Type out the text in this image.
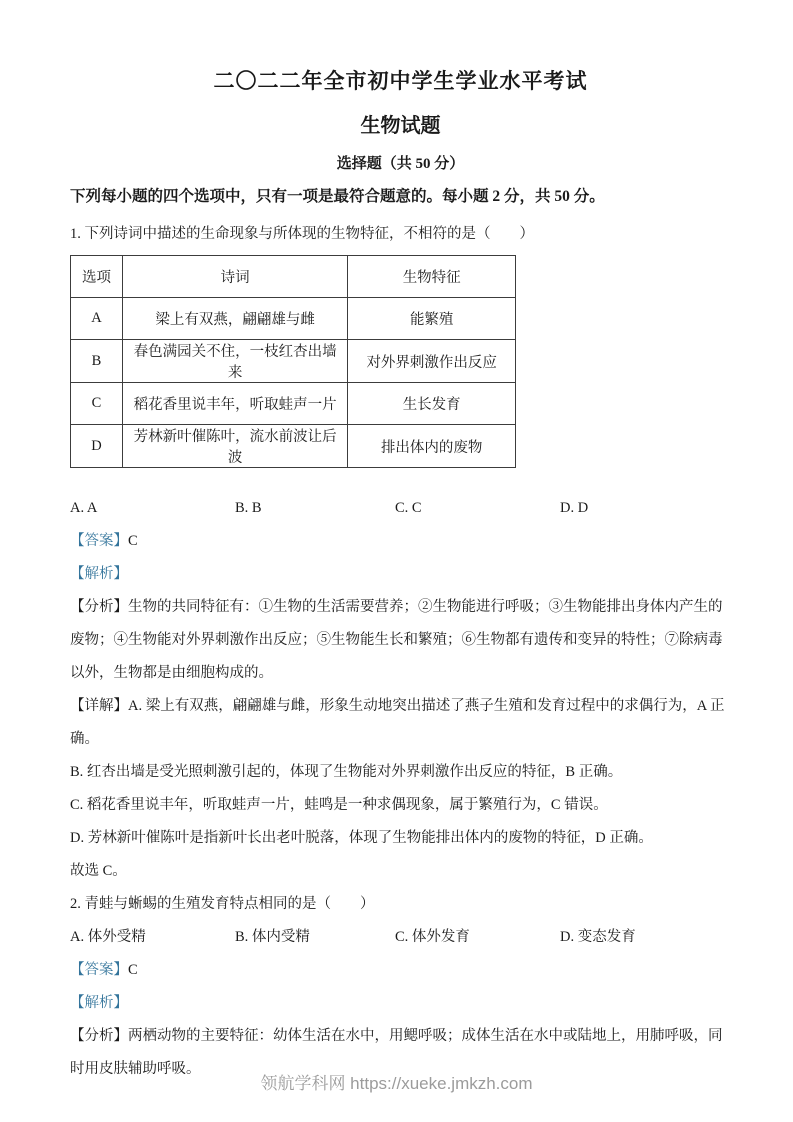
二〇二二年全市初中学生学业水平考试
生物试题
选择题（共 50 分）

下列每小题的四个选项中，只有一项是最符合题意的。每小题 2 分，共 50 分。

1. 下列诗词中描述的生命现象与所体现的生物特征，不相符的是（　　）

选项	诗词	生物特征
A	梁上有双燕，翩翩雄与雌	能繁殖
B	春色满园关不住，一枝红杏出墙来	对外界刺激作出反应
C	稻花香里说丰年，听取蛙声一片	生长发育
D	芳林新叶催陈叶，流水前波让后波	排出体内的废物
A. A	B. B	C. C	D. D

【答案】C

【解析】

【分析】生物的共同特征有：①生物的生活需要营养；②生物能进行呼吸；③生物能排出身体内产生的废物；④生物能对外界刺激作出反应；⑤生物能生长和繁殖；⑥生物都有遗传和变异的特性；⑦除病毒以外，生物都是由细胞构成的。

【详解】A. 梁上有双燕，翩翩雄与雌，形象生动地突出描述了燕子生殖和发育过程中的求偶行为，A 正确。

B. 红杏出墙是受光照刺激引起的，体现了生物能对外界刺激作出反应的特征，B 正确。

C. 稻花香里说丰年，听取蛙声一片，蛙鸣是一种求偶现象，属于繁殖行为，C 错误。

D. 芳林新叶催陈叶是指新叶长出老叶脱落，体现了生物能排出体内的废物的特征，D 正确。

故选 C。

2. 青蛙与蜥蜴的生殖发育特点相同的是（　　）

A. 体外受精	B. 体内受精	C. 体外发育	D. 变态发育

【答案】C

【解析】

【分析】两栖动物的主要特征：幼体生活在水中，用鳃呼吸；成体生活在水中或陆地上，用肺呼吸，同时用皮肤辅助呼吸。

领航学科网 https://xueke.jmkzh.com
